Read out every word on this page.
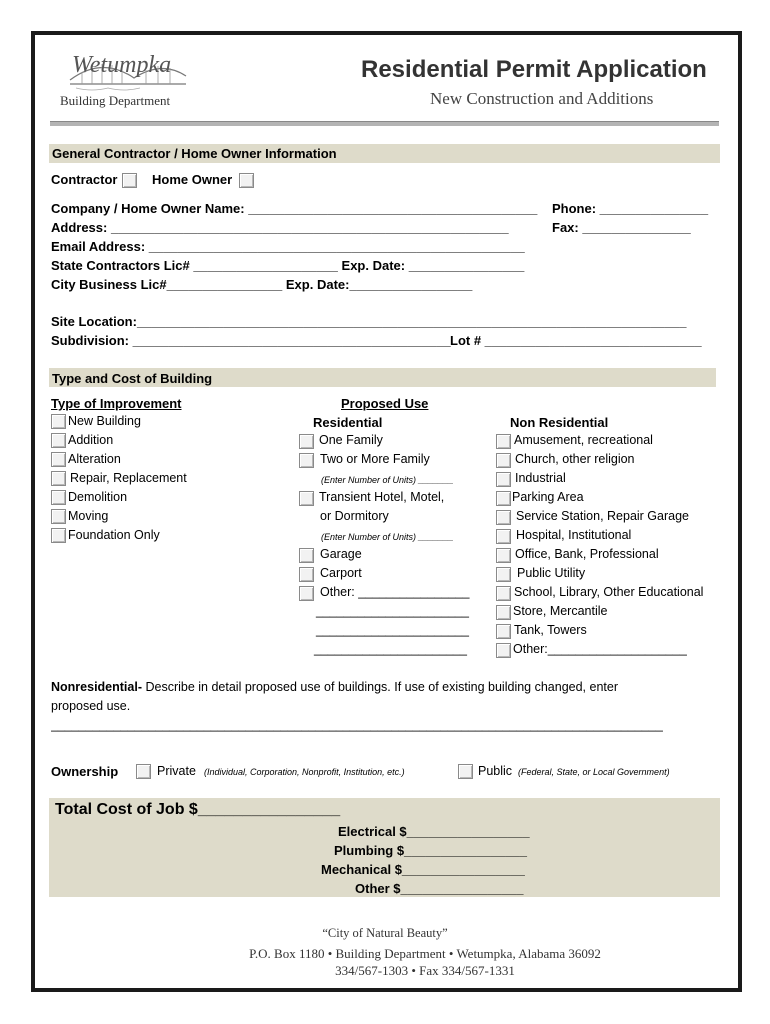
Wetumpka
Building Department
Residential Permit Application
New Construction and Additions
General Contractor / Home Owner Information
Contractor	Home Owner
Company / Home Owner Name: ________________________________________ Phone: _______________
Address: _______________________________________________________	Fax: _______________
Email Address: ____________________________________________________
State Contractors Lic# ____________________ Exp. Date: ________________
City Business Lic#________________ Exp. Date:_________________
Site Location:____________________________________________________________________________
Subdivision: ____________________________________________ Lot # ______________________________
Type and Cost of Building
Type of Improvement
New Building
Addition
Alteration
Repair, Replacement
Demolition
Moving
Foundation Only
Proposed Use
Residential
One Family
Two or More Family
(Enter Number of Units) _______
Transient Hotel, Motel,
or Dormitory
(Enter Number of Units) _______
Garage
Carport
Other: ________________
______________________
______________________
______________________
Non Residential
Amusement, recreational
Church, other religion
Industrial
Parking Area
Service Station, Repair Garage
Hospital, Institutional
Office, Bank, Professional
Public Utility
School, Library, Other Educational
Store, Mercantile
Tank, Towers
Other:____________________
Nonresidential- Describe in detail proposed use of buildings. If use of existing building changed, enter
proposed use.
________________________________________________________________________________________
Ownership	Private (Individual, Corporation, Nonprofit, Institution, etc.)	Public (Federal, State, or Local Government)
Total Cost of Job $________________
Electrical $_________________
Plumbing $_________________
Mechanical $_________________
Other $_________________
“City of Natural Beauty”
P.O. Box 1180 • Building Department • Wetumpka, Alabama 36092
334/567-1303 • Fax 334/567-1331
